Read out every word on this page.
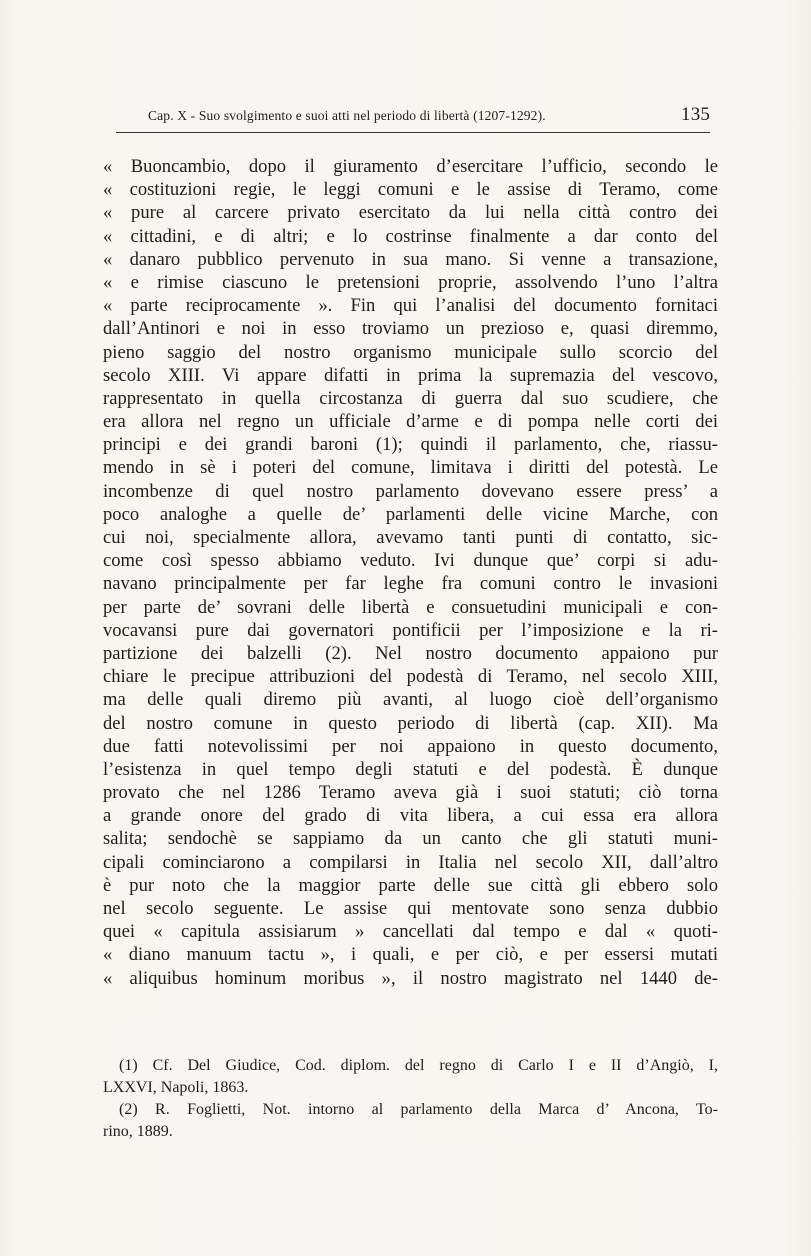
Cap. X - Suo svolgimento e suoi atti nel periodo di libertà (1207-1292).	135
« Buoncambio, dopo il giuramento d’esercitare l’ufficio, secondo le
« costituzioni regie, le leggi comuni e le assise di Teramo, come
« pure al carcere privato esercitato da lui nella città contro dei
« cittadini, e di altri; e lo costrinse finalmente a dar conto del
« danaro pubblico pervenuto in sua mano. Si venne a transazione,
« e rimise ciascuno le pretensioni proprie, assolvendo l’uno l’altra
« parte reciprocamente ». Fin qui l’analisi del documento fornitaci
dall’Antinori e noi in esso troviamo un prezioso e, quasi diremmo,
pieno saggio del nostro organismo municipale sullo scorcio del
secolo XIII. Vi appare difatti in prima la supremazia del vescovo,
rappresentato in quella circostanza di guerra dal suo scudiere, che
era allora nel regno un ufficiale d’arme e di pompa nelle corti dei
principi e dei grandi baroni (1); quindi il parlamento, che, riassu-
mendo in sè i poteri del comune, limitava i diritti del potestà. Le
incombenze di quel nostro parlamento dovevano essere press’ a
poco analoghe a quelle de’ parlamenti delle vicine Marche, con
cui noi, specialmente allora, avevamo tanti punti di contatto, sic-
come così spesso abbiamo veduto. Ivi dunque que’ corpi si adu-
navano principalmente per far leghe fra comuni contro le invasioni
per parte de’ sovrani delle libertà e consuetudini municipali e con-
vocavansi pure dai governatori pontificii per l’imposizione e la ri-
partizione dei balzelli (2). Nel nostro documento appaiono pur
chiare le precipue attribuzioni del podestà di Teramo, nel secolo XIII,
ma delle quali diremo più avanti, al luogo cioè dell’organismo
del nostro comune in questo periodo di libertà (cap. XII). Ma
due fatti notevolissimi per noi appaiono in questo documento,
l’esistenza in quel tempo degli statuti e del podestà. È dunque
provato che nel 1286 Teramo aveva già i suoi statuti; ciò torna
a grande onore del grado di vita libera, a cui essa era allora
salita; sendochè se sappiamo da un canto che gli statuti muni-
cipali cominciarono a compilarsi in Italia nel secolo XII, dall’altro
è pur noto che la maggior parte delle sue città gli ebbero solo
nel secolo seguente. Le assise qui mentovate sono senza dubbio
quei « capitula assisiarum » cancellati dal tempo e dal « quoti-
« diano manuum tactu », i quali, e per ciò, e per essersi mutati
« aliquibus hominum moribus », il nostro magistrato nel 1440 de-
(1) Cf. Del Giudice, Cod. diplom. del regno di Carlo I e II d’Angiò, I,
LXXVI, Napoli, 1863.
(2) R. Foglietti, Not. intorno al parlamento della Marca d’ Ancona, To-
rino, 1889.
